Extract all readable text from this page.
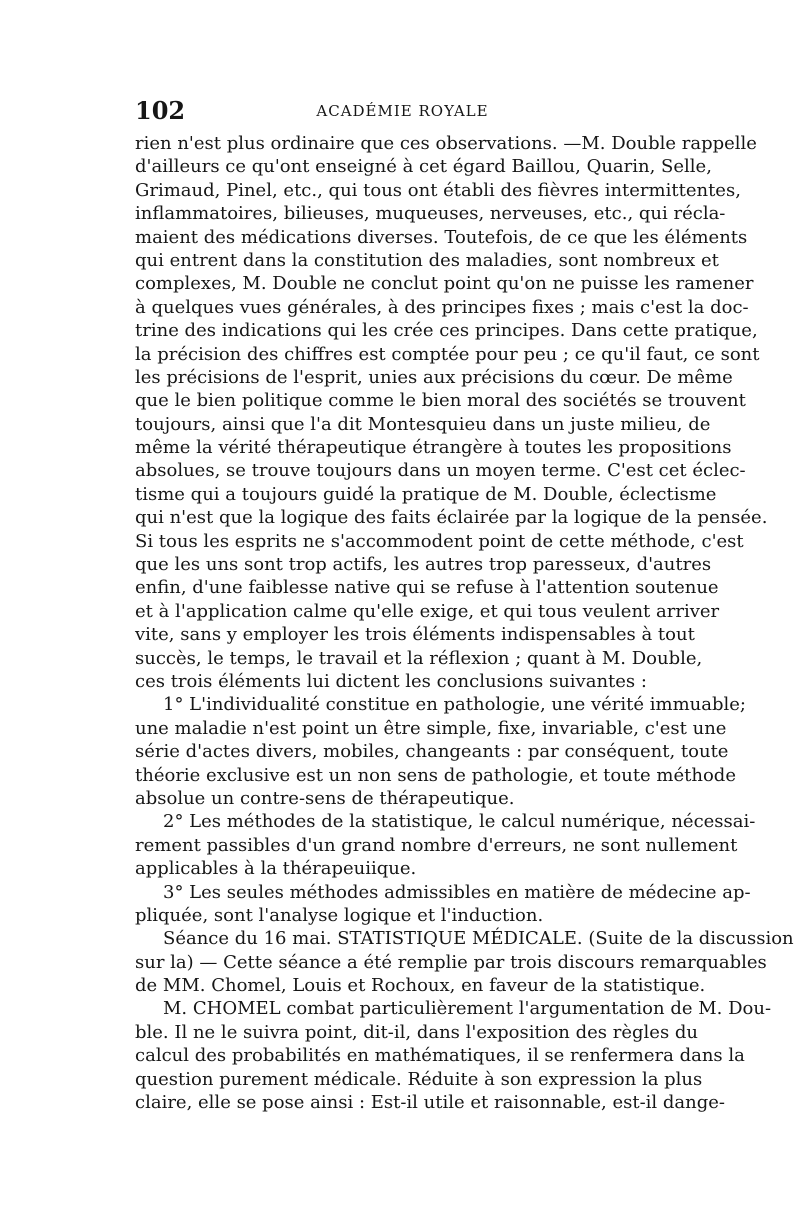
102	ACADÉMIE ROYALE
rien n'est plus ordinaire que ces observations. —M. Double rappelle
d'ailleurs ce qu'ont enseigné à cet égard Baillou, Quarin, Selle,
Grimaud, Pinel, etc., qui tous ont établi des fièvres intermittentes,
inflammatoires, bilieuses, muqueuses, nerveuses, etc., qui récla-
maient des médications diverses. Toutefois, de ce que les éléments
qui entrent dans la constitution des maladies, sont nombreux et
complexes, M. Double ne conclut point qu'on ne puisse les ramener
à quelques vues générales, à des principes fixes ; mais c'est la doc-
trine des indications qui les crée ces principes. Dans cette pratique,
la précision des chiffres est comptée pour peu ; ce qu'il faut, ce sont
les précisions de l'esprit, unies aux précisions du cœur. De même
que le bien politique comme le bien moral des sociétés se trouvent
toujours, ainsi que l'a dit Montesquieu dans un juste milieu, de
même la vérité thérapeutique étrangère à toutes les propositions
absolues, se trouve toujours dans un moyen terme. C'est cet éclec-
tisme qui a toujours guidé la pratique de M. Double, éclectisme
qui n'est que la logique des faits éclairée par la logique de la pensée.
Si tous les esprits ne s'accommodent point de cette méthode, c'est
que les uns sont trop actifs, les autres trop paresseux, d'autres
enfin, d'une faiblesse native qui se refuse à l'attention soutenue
et à l'application calme qu'elle exige, et qui tous veulent arriver
vite, sans y employer les trois éléments indispensables à tout
succès, le temps, le travail et la réflexion ; quant à M. Double,
ces trois éléments lui dictent les conclusions suivantes :
1° L'individualité constitue en pathologie, une vérité immuable;
une maladie n'est point un être simple, fixe, invariable, c'est une
série d'actes divers, mobiles, changeants : par conséquent, toute
théorie exclusive est un non sens de pathologie, et toute méthode
absolue un contre-sens de thérapeutique.
2° Les méthodes de la statistique, le calcul numérique, nécessai-
rement passibles d'un grand nombre d'erreurs, ne sont nullement
applicables à la thérapeuiique.
3° Les seules méthodes admissibles en matière de médecine ap-
pliquée, sont l'analyse logique et l'induction.
Séance du 16 mai. STATISTIQUE MÉDICALE. (Suite de la discussion
sur la) — Cette séance a été remplie par trois discours remarquables
de MM. Chomel, Louis et Rochoux, en faveur de la statistique.
M. CHOMEL combat particulièrement l'argumentation de M. Dou-
ble. Il ne le suivra point, dit-il, dans l'exposition des règles du
calcul des probabilités en mathématiques, il se renfermera dans la
question purement médicale. Réduite à son expression la plus
claire, elle se pose ainsi : Est-il utile et raisonnable, est-il dange-
